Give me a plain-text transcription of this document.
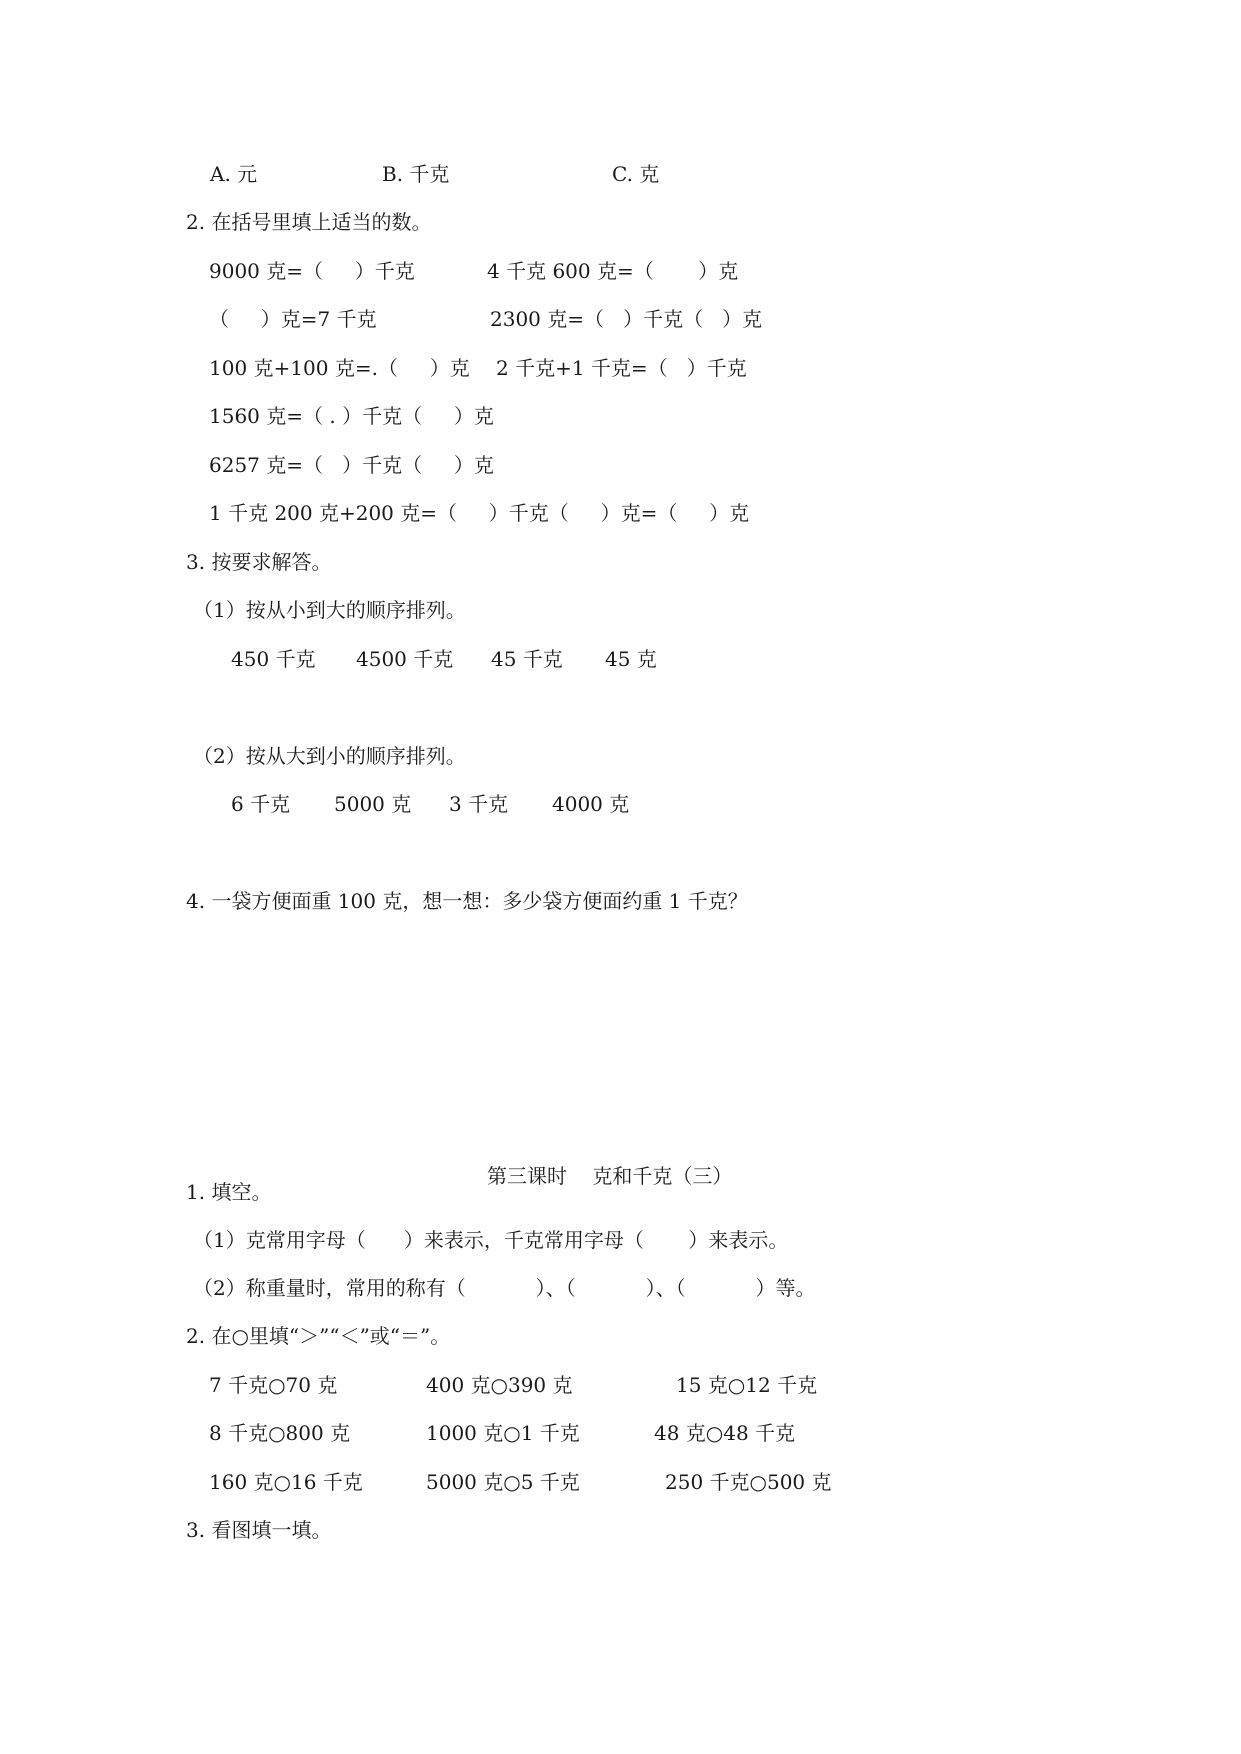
A. 元	B. 千克	C. 克
2. 在括号里填上适当的数。
9000 克=（     ）千克	4 千克 600 克=（       ）克
（     ）克=7 千克	2300 克=（   ）千克（   ）克
100 克+100 克=.（     ）克 2 千克+1 千克=（   ）千克
1560 克=（ . ）千克（     ）克
6257 克=（   ）千克（     ）克
1 千克 200 克+200 克=（     ）千克（     ）克=（     ）克
3. 按要求解答。
（1）按从小到大的顺序排列。
450 千克 4500 千克 45 千克 45 克
（2）按从大到小的顺序排列。
6 千克 5000 克 3 千克 4000 克
4. 一袋方便面重 100 克，想一想：多少袋方便面约重 1 千克？
第三课时    克和千克（三）
1. 填空。
（1）克常用字母（      ）来表示，千克常用字母（       ）来表示。
（2）称重量时，常用的称有（           ）、（           ）、（           ）等。
2. 在○里填“＞”“＜”或“＝”。
7 千克○70 克	400 克○390 克	15 克○12 千克
8 千克○800 克	1000 克○1 千克	48 克○48 千克
160 克○16 千克	5000 克○5 千克	250 千克○500 克
3. 看图填一填。
